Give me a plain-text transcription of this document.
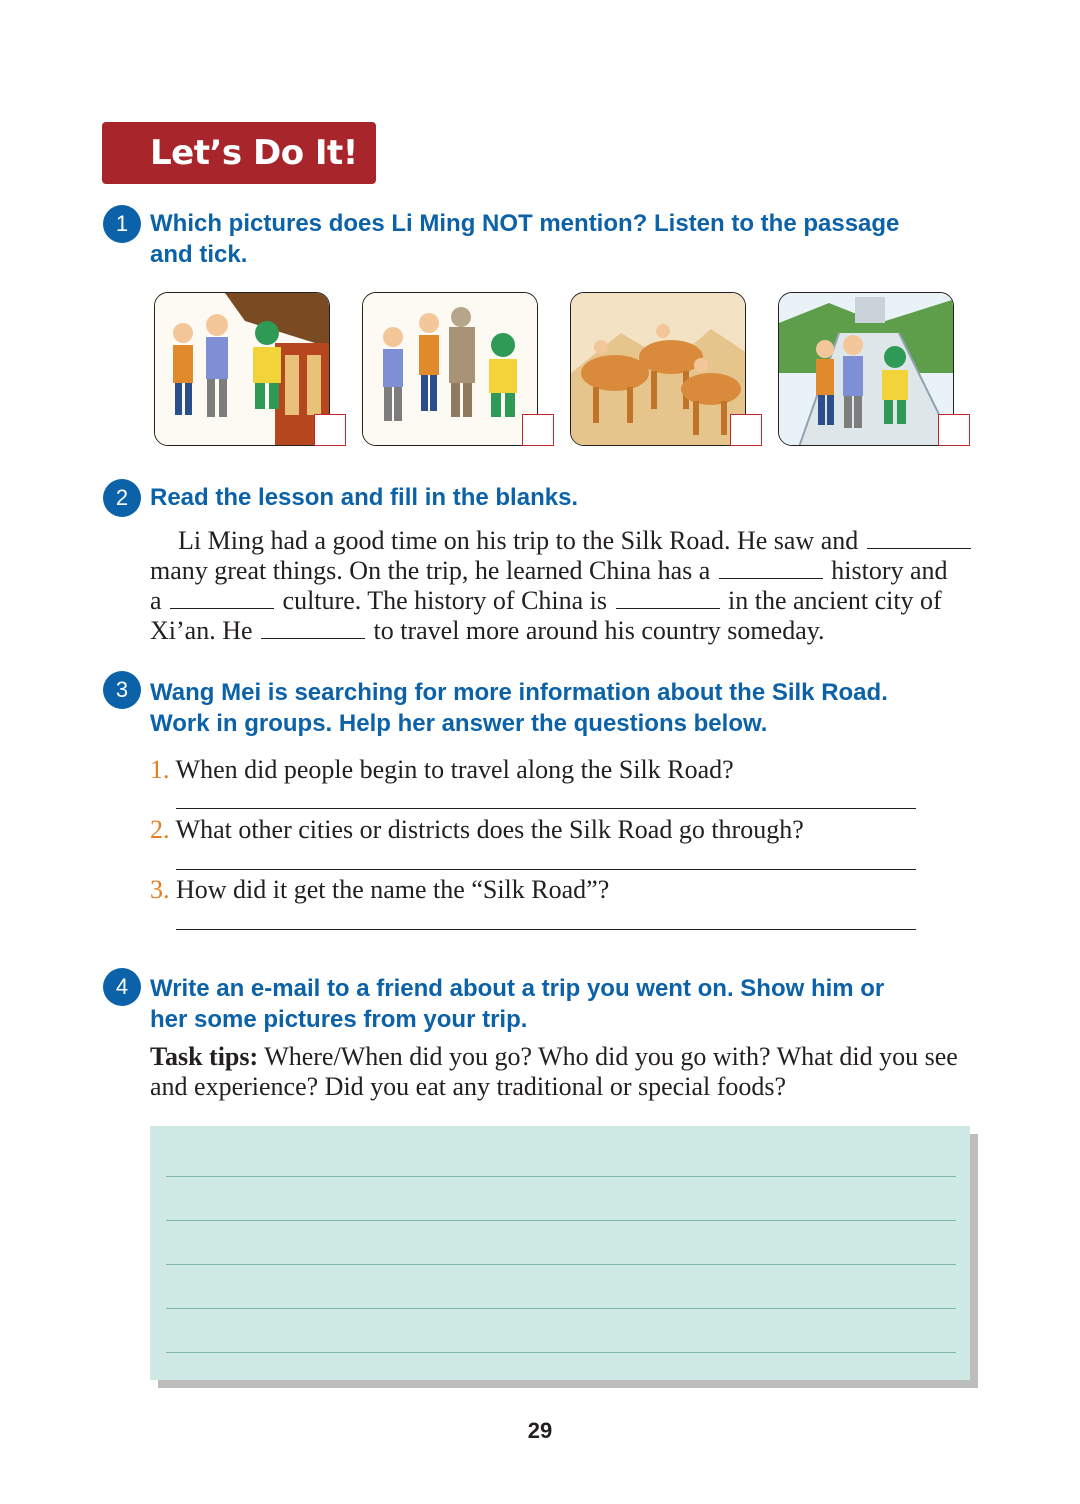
Let’s Do It!
1 Which pictures does Li Ming NOT mention? Listen to the passage
and tick.
2 Read the lesson and fill in the blanks.
Li Ming had a good time on his trip to the Silk Road. He saw and
many great things. On the trip, he learned China has a	history and
a	culture. The history of China is	in the ancient city of
Xi’an. He	to travel more around his country someday.
3 Wang Mei is searching for more information about the Silk Road.
Work in groups. Help her answer the questions below.
1. When did people begin to travel along the Silk Road?
2. What other cities or districts does the Silk Road go through?
3. How did it get the name the “Silk Road”?
4 Write an e-mail to a friend about a trip you went on. Show him or
her some pictures from your trip.
Task tips: Where/When did you go? Who did you go with? What did you see and experience? Did you eat any traditional or special foods?
29
